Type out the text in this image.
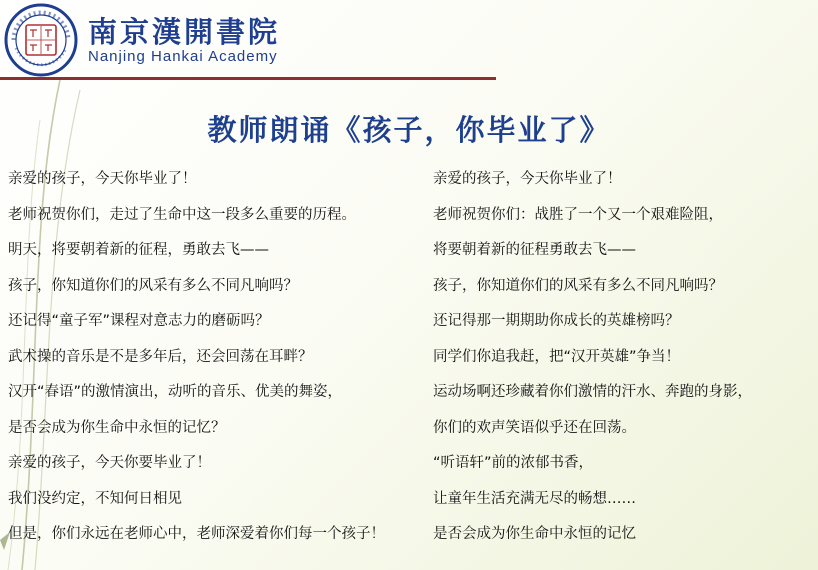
南京漢開書院
Nanjing Hankai Academy
教师朗诵《孩子，你毕业了》
亲爱的孩子，今天你毕业了！
老师祝贺你们，走过了生命中这一段多么重要的历程。
明天，将要朝着新的征程，勇敢去飞——
孩子，你知道你们的风采有多么不同凡响吗？
还记得“童子军”课程对意志力的磨砺吗？
武术操的音乐是不是多年后，还会回荡在耳畔？
汉开“春语”的激情演出，动听的音乐、优美的舞姿，
是否会成为你生命中永恒的记忆？
亲爱的孩子，今天你要毕业了！
我们没约定，不知何日相见
但是，你们永远在老师心中，老师深爱着你们每一个孩子！
亲爱的孩子，今天你毕业了！
老师祝贺你们：战胜了一个又一个艰难险阻，
将要朝着新的征程勇敢去飞——
孩子，你知道你们的风采有多么不同凡响吗？
还记得那一期期助你成长的英雄榜吗？
同学们你追我赶，把“汉开英雄”争当！
运动场啊还珍藏着你们激情的汗水、奔跑的身影，
你们的欢声笑语似乎还在回荡。
“听语轩”前的浓郁书香，
让童年生活充满无尽的畅想……
是否会成为你生命中永恒的记忆
